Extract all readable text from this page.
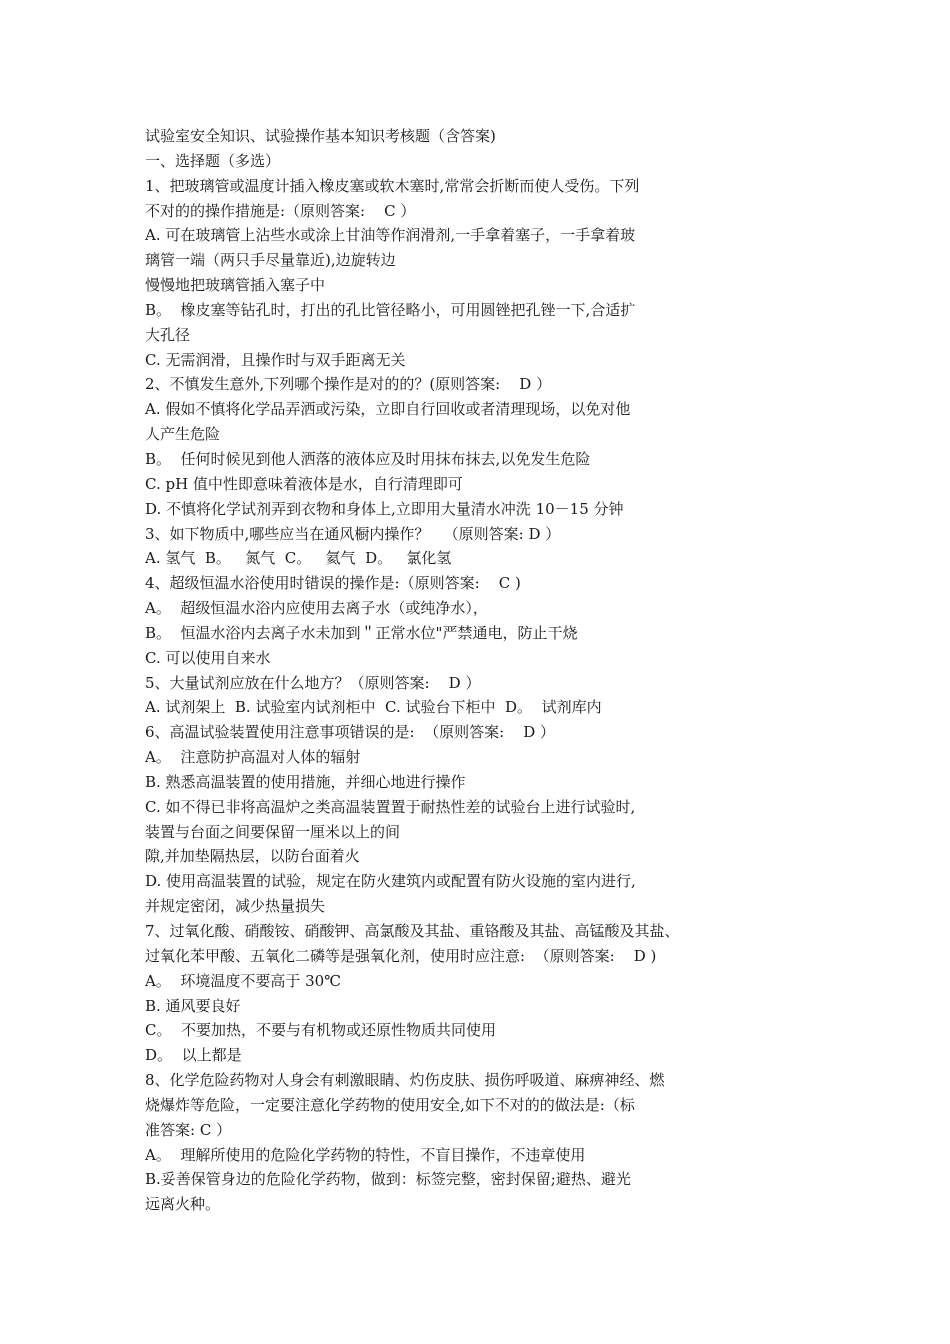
试验室安全知识、试验操作基本知识考核题（含答案)
一、选择题（多选）
1、把玻璃管或温度计插入橡皮塞或软木塞时,常常会折断而使人受伤。下列
不对的的操作措施是:（原则答案:    C ）
A. 可在玻璃管上沾些水或涂上甘油等作润滑剂,一手拿着塞子，一手拿着玻
璃管一端（两只手尽量靠近),边旋转边
慢慢地把玻璃管插入塞子中
B。  橡皮塞等钻孔时，打出的孔比管径略小，可用圆锉把孔锉一下,合适扩
大孔径
C. 无需润滑，且操作时与双手距离无关
2、不慎发生意外,下列哪个操作是对的的？(原则答案:    D ）
A. 假如不慎将化学品弄洒或污染，立即自行回收或者清理现场，以免对他
人产生危险
B。  任何时候见到他人洒落的液体应及时用抹布抹去,以免发生危险
C. pH 值中性即意味着液体是水，自行清理即可
D. 不慎将化学试剂弄到衣物和身体上,立即用大量清水冲洗 10－15 分钟
3、如下物质中,哪些应当在通风橱内操作？   （原则答案: D ）
A. 氢气  B。   氮气  C。   氦气  D。   氯化氢
4、超级恒温水浴使用时错误的操作是:（原则答案:    C )
A。  超级恒温水浴内应使用去离子水（或纯净水），
B。  恒温水浴内去离子水未加到＂正常水位"严禁通电，防止干烧
C. 可以使用自来水
5、大量试剂应放在什么地方？（原则答案:    D ）
A. 试剂架上  B. 试验室内试剂柜中  C. 试验台下柜中  D。  试剂库内
6、高温试验装置使用注意事项错误的是:  （原则答案:    D ）
A。  注意防护高温对人体的辐射
B. 熟悉高温装置的使用措施，并细心地进行操作
C. 如不得已非将高温炉之类高温装置置于耐热性差的试验台上进行试验时,
装置与台面之间要保留一厘米以上的间
隙,并加垫隔热层，以防台面着火
D. 使用高温装置的试验，规定在防火建筑内或配置有防火设施的室内进行,
并规定密闭，减少热量损失
7、过氧化酸、硝酸铵、硝酸钾、高氯酸及其盐、重铬酸及其盐、高锰酸及其盐、
过氧化苯甲酸、五氧化二磷等是强氧化剂，使用时应注意:  （原则答案:    D )
A。  环境温度不要高于 30℃
B. 通风要良好
C。  不要加热，不要与有机物或还原性物质共同使用
D。  以上都是
8、化学危险药物对人身会有刺激眼睛、灼伤皮肤、损伤呼吸道、麻痹神经、燃
烧爆炸等危险，一定要注意化学药物的使用安全,如下不对的的做法是:（标
准答案: C ）
A。  理解所使用的危险化学药物的特性，不盲目操作，不违章使用
B.妥善保管身边的危险化学药物，做到：标签完整，密封保留;避热、避光
远离火种。
